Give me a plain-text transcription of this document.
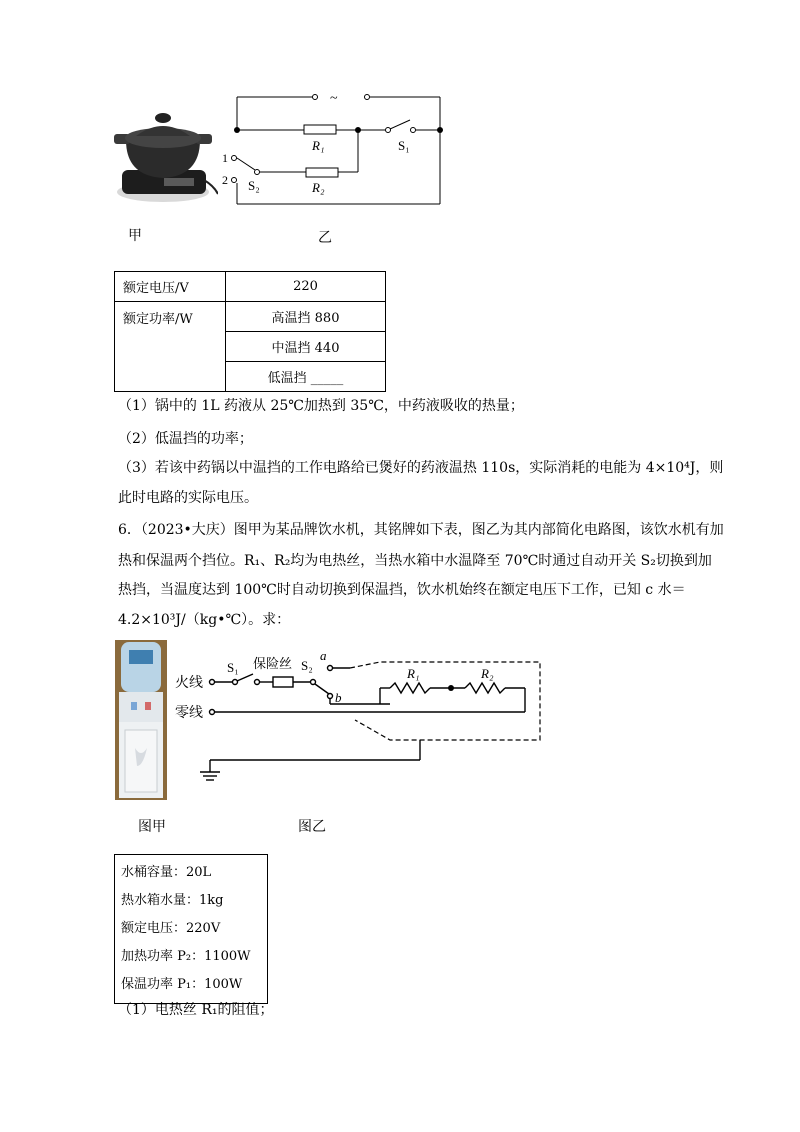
~
R₁
R₂
S₁
S₂
1
2
甲	乙
额定电压/V	220
额定功率/W	高温挡 880
	中温挡 440
	低温挡 _____
（1）锅中的 1L 药液从 25℃加热到 35℃，中药液吸收的热量；
（2）低温挡的功率；
（3）若该中药锅以中温挡的工作电路给已煲好的药液温热 110s，实际消耗的电能为 4×10⁴J，则
此时电路的实际电压。
6．（2023•大庆）图甲为某品牌饮水机，其铭牌如下表，图乙为其内部简化电路图，该饮水机有加
热和保温两个挡位。R₁、R₂均为电热丝，当热水箱中水温降至 70℃时通过自动开关 S₂切换到加
热挡，当温度达到 100℃时自动切换到保温挡，饮水机始终在额定电压下工作，已知 c 水＝
4.2×10³J/（kg•℃）。求：
火线
零线
S₁ 保险丝 S₂
a
b
R₁	R₂
图甲	图乙
水桶容量：20L
热水箱水量：1kg
额定电压：220V
加热功率 P₂：1100W
保温功率 P₁：100W
（1）电热丝 R₁的阻值；
